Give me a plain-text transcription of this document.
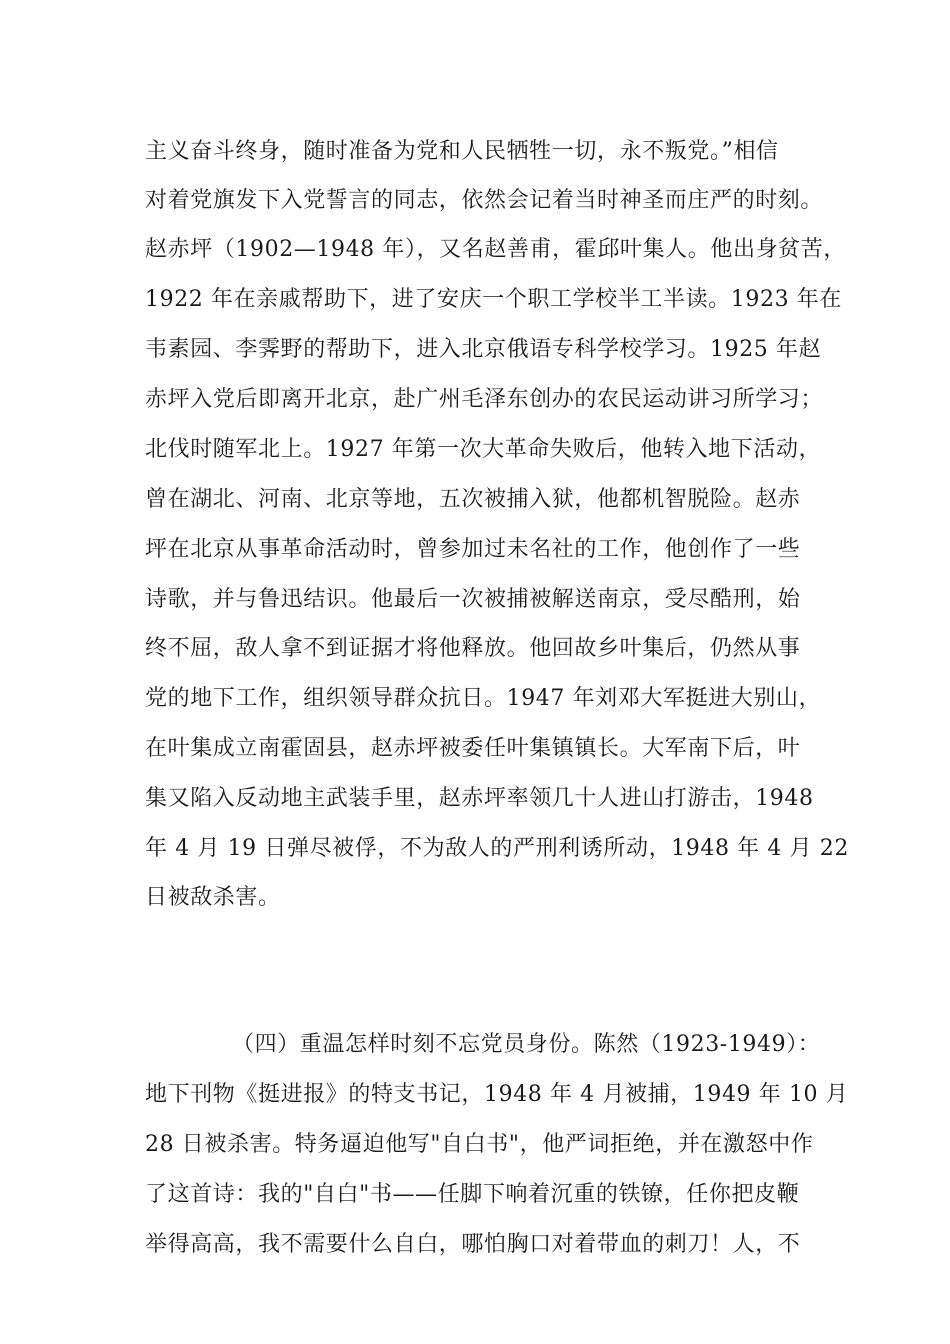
主义奋斗终身，随时准备为党和人民牺牲一切，永不叛党。”相信
对着党旗发下入党誓言的同志，依然会记着当时神圣而庄严的时刻。
赵赤坪（1902—1948 年），又名赵善甫，霍邱叶集人。他出身贫苦，
1922 年在亲戚帮助下，进了安庆一个职工学校半工半读。1923 年在
韦素园、李霁野的帮助下，进入北京俄语专科学校学习。1925 年赵
赤坪入党后即离开北京，赴广州毛泽东创办的农民运动讲习所学习；
北伐时随军北上。1927 年第一次大革命失败后，他转入地下活动，
曾在湖北、河南、北京等地，五次被捕入狱，他都机智脱险。赵赤
坪在北京从事革命活动时，曾参加过未名社的工作，他创作了一些
诗歌，并与鲁迅结识。他最后一次被捕被解送南京，受尽酷刑，始
终不屈，敌人拿不到证据才将他释放。他回故乡叶集后，仍然从事
党的地下工作，组织领导群众抗日。1947 年刘邓大军挺进大别山，
在叶集成立南霍固县，赵赤坪被委任叶集镇镇长。大军南下后，叶
集又陷入反动地主武装手里，赵赤坪率领几十人进山打游击，1948
年 4 月 19 日弹尽被俘，不为敌人的严刑利诱所动，1948 年 4 月 22
日被敌杀害。
（四）重温怎样时刻不忘党员身份。陈然（1923-1949）：
地下刊物《挺进报》的特支书记，1948 年 4 月被捕，1949 年 10 月
28 日被杀害。特务逼迫他写"自白书"，他严词拒绝，并在激怒中作
了这首诗：我的"自白"书——任脚下响着沉重的铁镣，任你把皮鞭
举得高高，我不需要什么自白，哪怕胸口对着带血的刺刀！人，不
